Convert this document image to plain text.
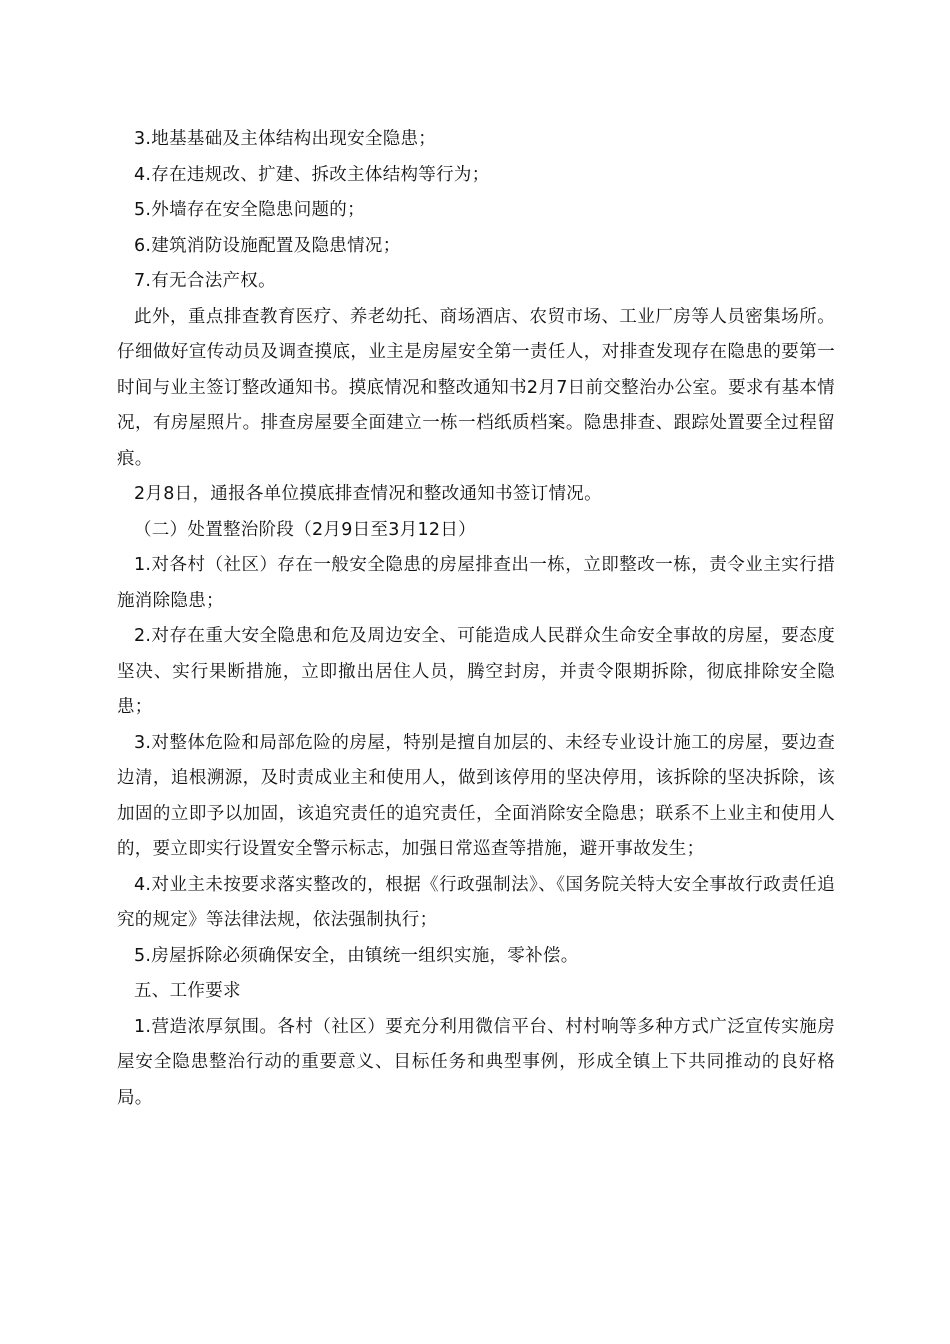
3.地基基础及主体结构出现安全隐患；

4.存在违规改、扩建、拆改主体结构等行为；

5.外墙存在安全隐患问题的；

6.建筑消防设施配置及隐患情况；

7.有无合法产权。

此外，重点排查教育医疗、养老幼托、商场酒店、农贸市场、工业厂房等人员密集场所。仔细做好宣传动员及调查摸底，业主是房屋安全第一责任人，对排查发现存在隐患的要第一时间与业主签订整改通知书。摸底情况和整改通知书2月7日前交整治办公室。要求有基本情况，有房屋照片。排查房屋要全面建立一栋一档纸质档案。隐患排查、跟踪处置要全过程留痕。

2月8日，通报各单位摸底排查情况和整改通知书签订情况。

（二）处置整治阶段（2月9日至3月12日）

1.对各村（社区）存在一般安全隐患的房屋排查出一栋，立即整改一栋，责令业主实行措施消除隐患；

2.对存在重大安全隐患和危及周边安全、可能造成人民群众生命安全事故的房屋，要态度坚决、实行果断措施，立即撤出居住人员，腾空封房，并责令限期拆除，彻底排除安全隐患；

3.对整体危险和局部危险的房屋，特别是擅自加层的、未经专业设计施工的房屋，要边查边清，追根溯源，及时责成业主和使用人，做到该停用的坚决停用，该拆除的坚决拆除，该加固的立即予以加固，该追究责任的追究责任，全面消除安全隐患；联系不上业主和使用人的，要立即实行设置安全警示标志，加强日常巡查等措施，避开事故发生；

4.对业主未按要求落实整改的，根据《行政强制法》、《国务院关特大安全事故行政责任追究的规定》等法律法规，依法强制执行；

5.房屋拆除必须确保安全，由镇统一组织实施，零补偿。

五、工作要求

1.营造浓厚氛围。各村（社区）要充分利用微信平台、村村响等多种方式广泛宣传实施房屋安全隐患整治行动的重要意义、目标任务和典型事例，形成全镇上下共同推动的良好格局。
